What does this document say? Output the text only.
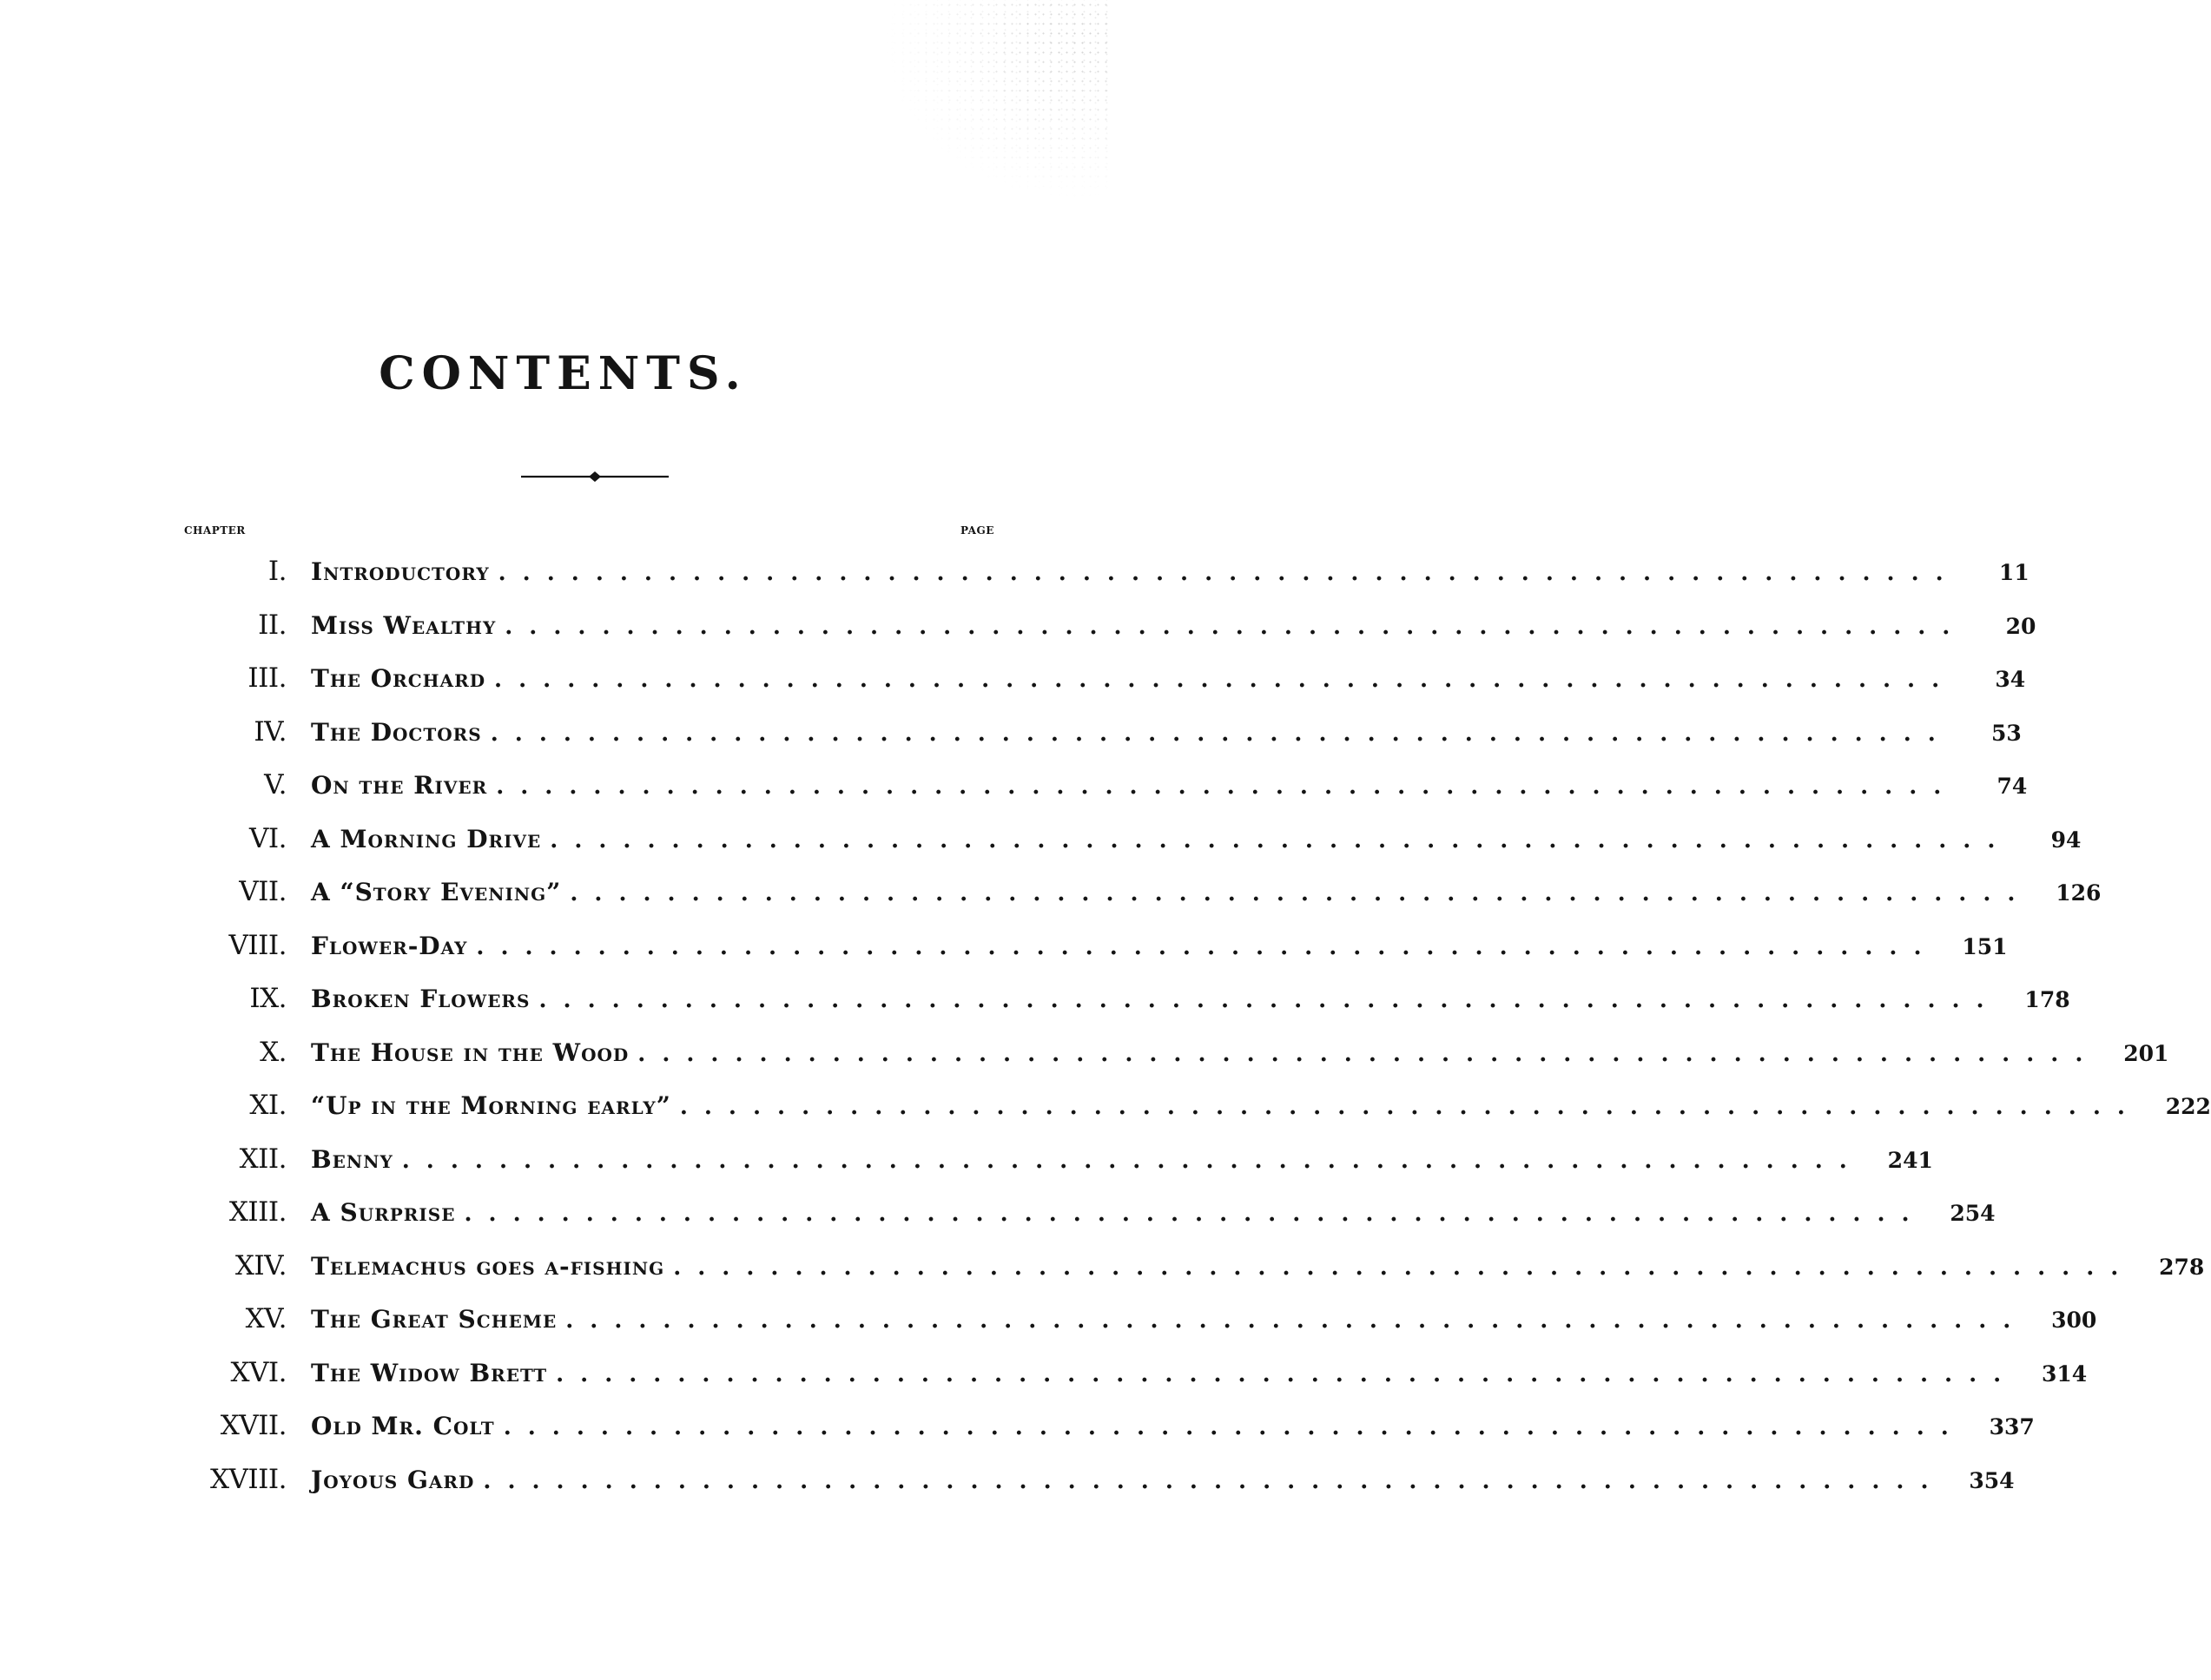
CONTENTS.
CHAPTER	PAGE
I. Introductory ............................................................	11
II. Miss Wealthy ............................................................	20
III. The Orchard ............................................................	34
IV. The Doctors ............................................................	53
V. On the River ............................................................	74
VI. A Morning Drive ............................................................	94
VII. A “Story Evening” ............................................................	126
VIII. Flower-Day ............................................................	151
IX. Broken Flowers ............................................................	178
X. The House in the Wood ............................................................	201
XI. “Up in the Morning early” ............................................................	222
XII. Benny ............................................................	241
XIII. A Surprise ............................................................	254
XIV. Telemachus goes a-fishing ............................................................	278
XV. The Great Scheme ............................................................	300
XVI. The Widow Brett ............................................................	314
XVII. Old Mr. Colt ............................................................	337
XVIII. Joyous Gard ............................................................	354
